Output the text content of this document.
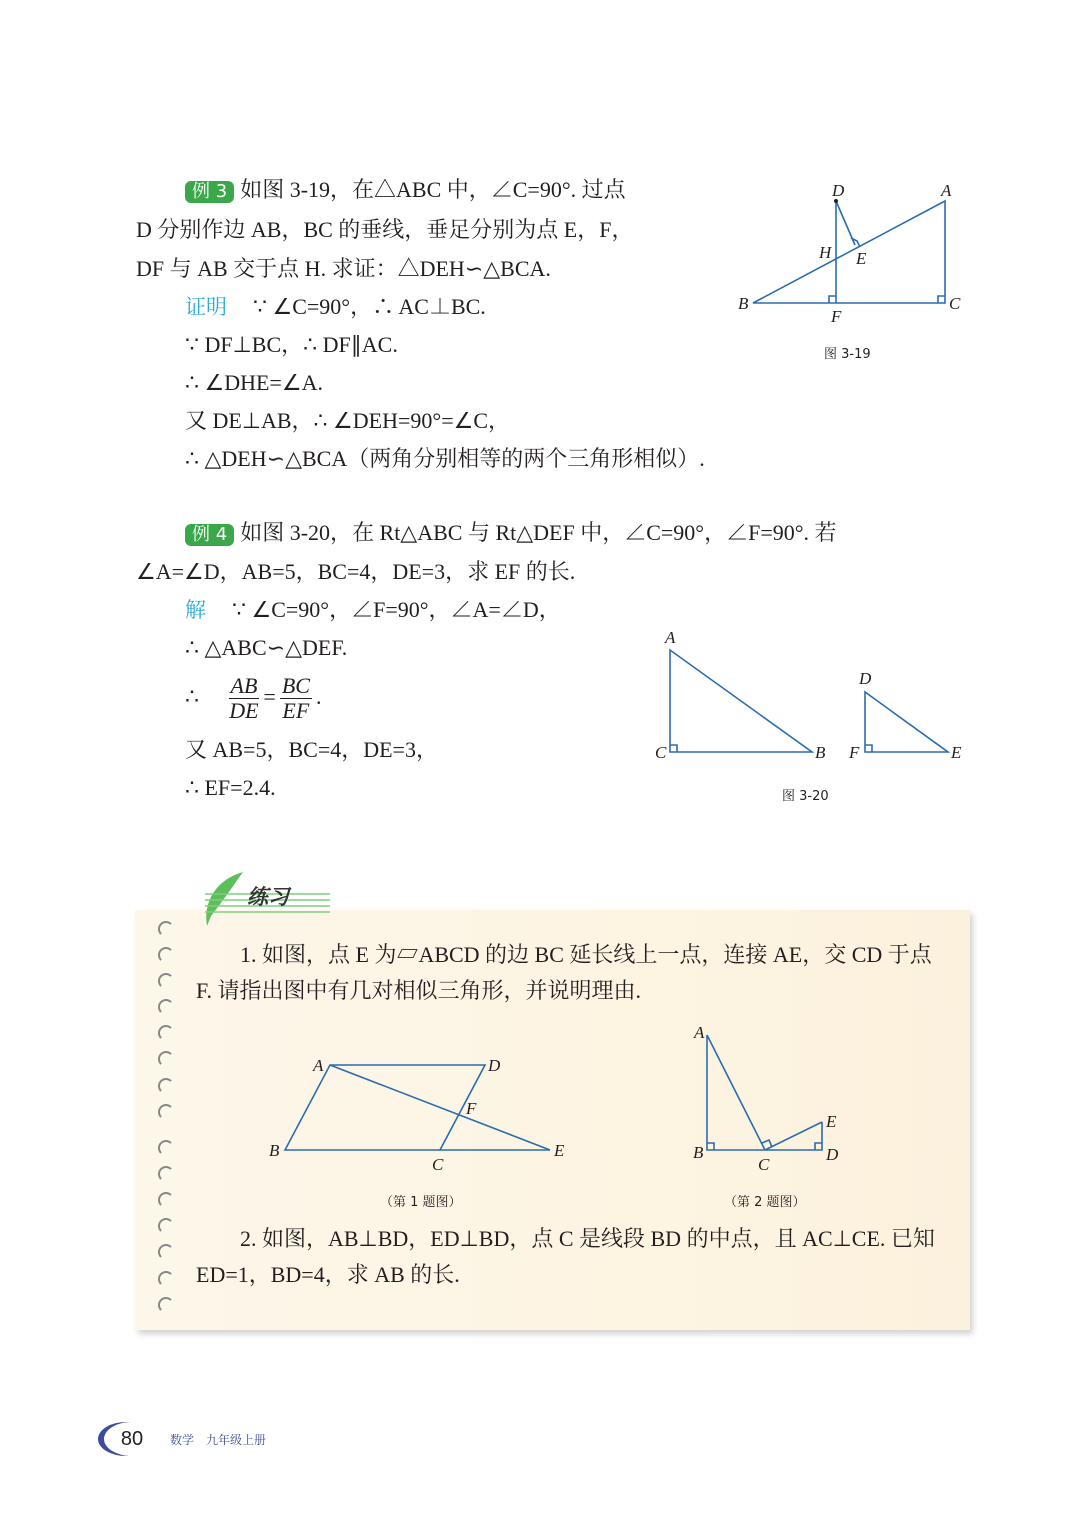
例 3 如图 3-19，在△ABC 中，∠C=90°. 过点
D 分别作边 AB，BC 的垂线，垂足分别为点 E，F，
DF 与 AB 交于点 H. 求证：△DEH∽△BCA.
证明 ∵ ∠C=90°，∴ AC⊥BC.
∵ DF⊥BC，∴ DF∥AC.
∴ ∠DHE=∠A.
又 DE⊥AB，∴ ∠DEH=90°=∠C，
∴ △DEH∽△BCA（两角分别相等的两个三角形相似）.
D	A
H E
B	C
F
图 3-19
A
C	B
D
F	E
图 3-20
例 4 如图 3-20，在 Rt△ABC 与 Rt△DEF 中，∠C=90°，∠F=90°. 若
∠A=∠D，AB=5，BC=4，DE=3，求 EF 的长.
解 ∵ ∠C=90°，∠F=90°，∠A=∠D，
∴ △ABC∽△DEF.
∴ $\frac{AB}{DE} = \frac{BC}{EF}$ .
又 AB=5，BC=4，DE=3，
∴ EF=2.4.
练习
1. 如图，点 E 为▱ABCD 的边 BC 延长线上一点，连接 AE，交 CD 于点
F. 请指出图中有几对相似三角形，并说明理由.
A	D
F
B
C
E
（第 1 题图）
A
B
C
D
E
（第 2 题图）
2. 如图，AB⊥BD，ED⊥BD，点 C 是线段 BD 的中点，且 AC⊥CE. 已知
ED=1，BD=4，求 AB 的长.
80	数学　九年级上册
